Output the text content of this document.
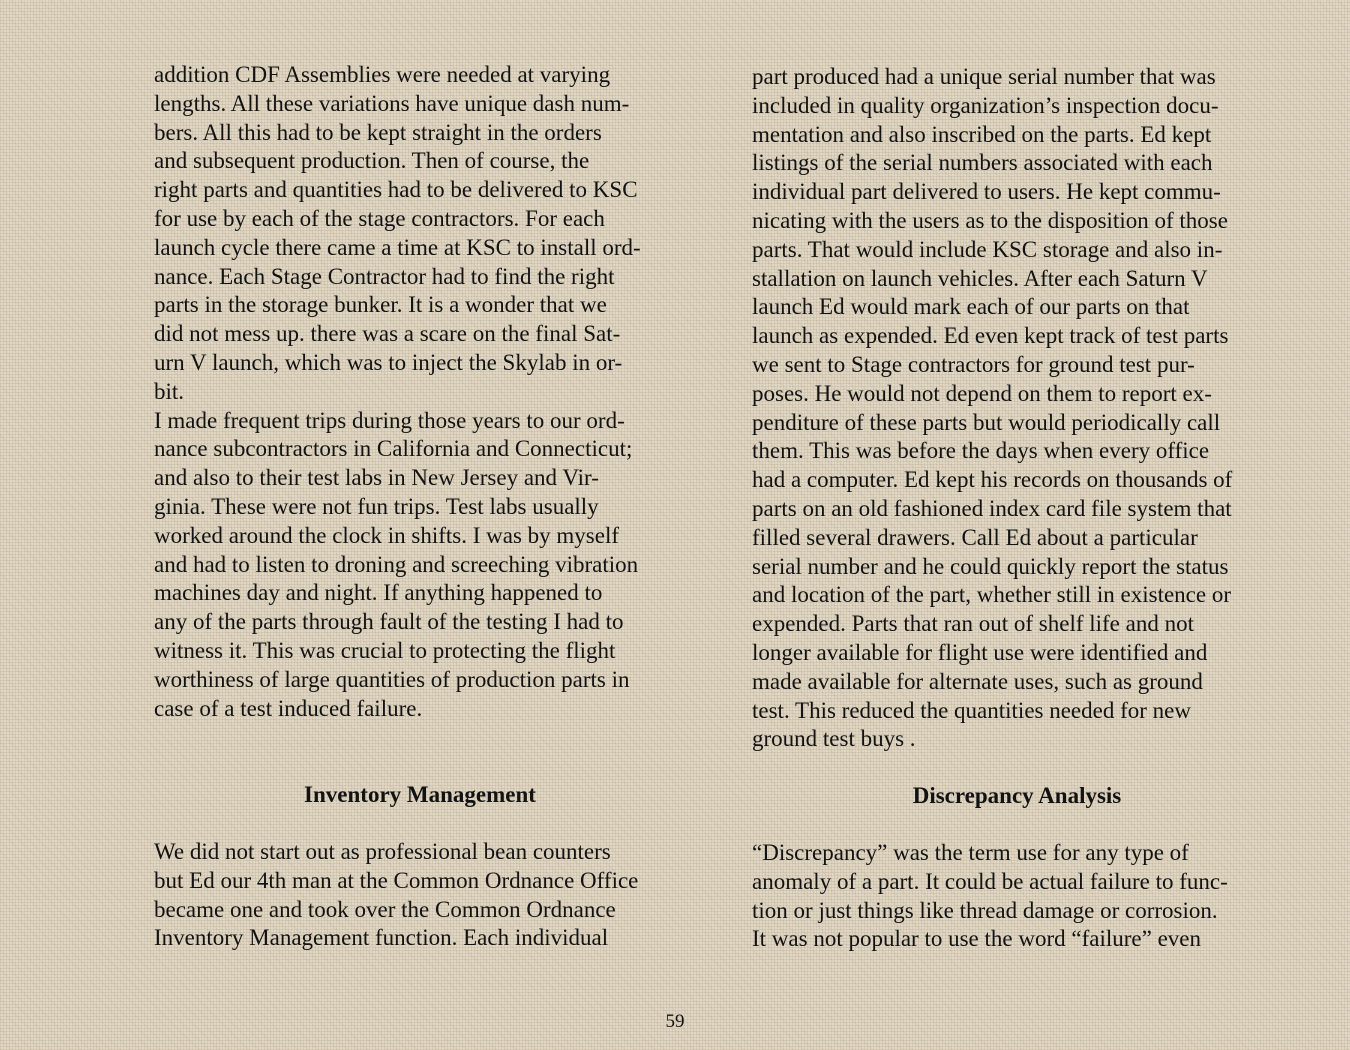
addition CDF Assemblies were needed at varying
lengths. All these variations have unique dash num-
bers. All this had to be kept straight in the orders
and subsequent production. Then of course, the
right parts and quantities had to be delivered to KSC
for use by each of the stage contractors. For each
launch cycle there came a time at KSC to install ord-
nance. Each Stage Contractor had to find the right
parts in the storage bunker. It is a wonder that we
did not mess up. there was a scare on the final Sat-
urn V launch, which was to inject the Skylab in or-
bit.

I made frequent trips during those years to our ord-
nance subcontractors in California and Connecticut;
and also to their test labs in New Jersey and Vir-
ginia. These were not fun trips. Test labs usually
worked around the clock in shifts. I was by myself
and had to listen to droning and screeching vibration
machines day and night. If anything happened to
any of the parts through fault of the testing I had to
witness it. This was crucial to protecting the flight
worthiness of large quantities of production parts in
case of a test induced failure.

Inventory Management

We did not start out as professional bean counters
but Ed our 4th man at the Common Ordnance Office
became one and took over the Common Ordnance
Inventory Management function. Each individual

part produced had a unique serial number that was
included in quality organization’s inspection docu-
mentation and also inscribed on the parts. Ed kept
listings of the serial numbers associated with each
individual part delivered to users. He kept commu-
nicating with the users as to the disposition of those
parts. That would include KSC storage and also in-
stallation on launch vehicles. After each Saturn V
launch Ed would mark each of our parts on that
launch as expended. Ed even kept track of test parts
we sent to Stage contractors for ground test pur-
poses. He would not depend on them to report ex-
penditure of these parts but would periodically call
them. This was before the days when every office
had a computer. Ed kept his records on thousands of
parts on an old fashioned index card file system that
filled several drawers. Call Ed about a particular
serial number and he could quickly report the status
and location of the part, whether still in existence or
expended. Parts that ran out of shelf life and not
longer available for flight use were identified and
made available for alternate uses, such as ground
test. This reduced the quantities needed for new
ground test buys .

Discrepancy Analysis

“Discrepancy” was the term use for any type of
anomaly of a part. It could be actual failure to func-
tion or just things like thread damage or corrosion.
It was not popular to use the word “failure” even

59
